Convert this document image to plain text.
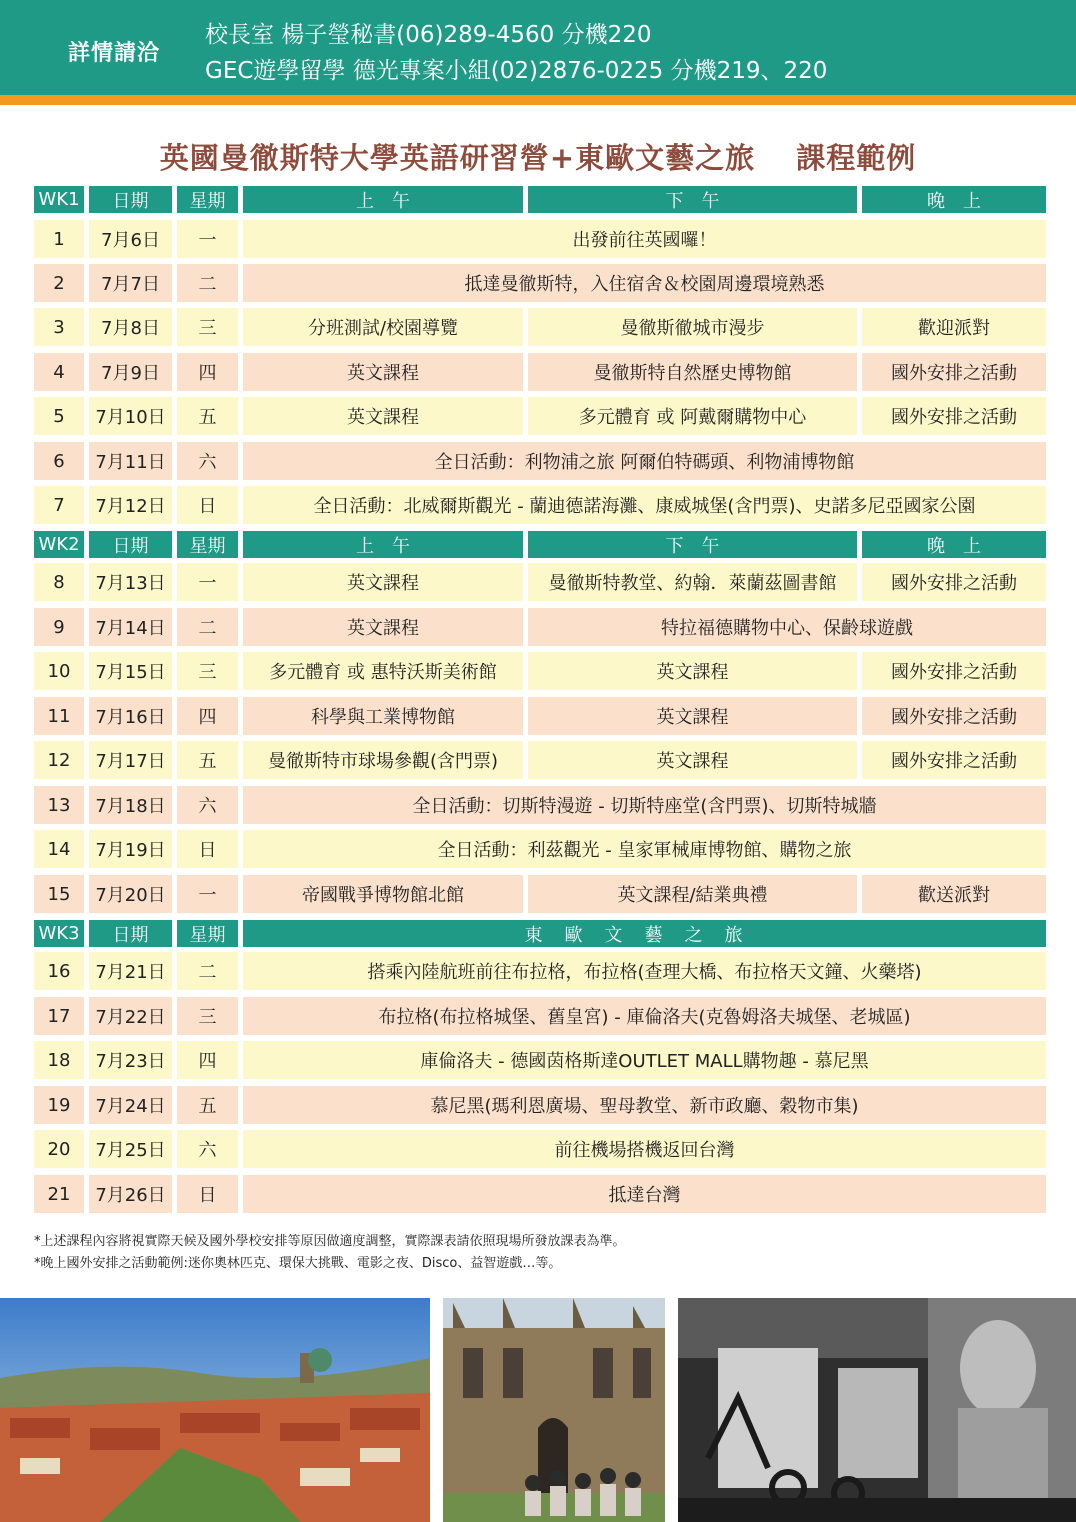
詳情請洽
校長室 楊子瑩秘書(06)289-4560 分機220
GEC遊學留學 德光專案小組(02)2876-0225 分機219、220
英國曼徹斯特大學英語研習營+東歐文藝之旅　 課程範例
WK1	日期	星期	上　午	下　午	晚　上
1	7月6日	一	出發前往英國囉！
2	7月7日	二	抵達曼徹斯特，入住宿舍＆校園周邊環境熟悉
3	7月8日	三	分班測試/校園導覽	曼徹斯徹城市漫步	歡迎派對
4	7月9日	四	英文課程	曼徹斯特自然歷史博物館	國外安排之活動
5	7月10日	五	英文課程	多元體育 或 阿戴爾購物中心	國外安排之活動
6	7月11日	六	全日活動：利物浦之旅 阿爾伯特碼頭、利物浦博物館
7	7月12日	日	全日活動：北威爾斯觀光 - 蘭迪德諾海灘、康威城堡(含門票)、史諾多尼亞國家公園
WK2	日期	星期	上　午	下　午	晚　上
8	7月13日	一	英文課程	曼徹斯特教堂、約翰．萊蘭茲圖書館	國外安排之活動
9	7月14日	二	英文課程	特拉福德購物中心、保齡球遊戲
10	7月15日	三	多元體育 或 惠特沃斯美術館	英文課程	國外安排之活動
11	7月16日	四	科學與工業博物館	英文課程	國外安排之活動
12	7月17日	五	曼徹斯特市球場參觀(含門票)	英文課程	國外安排之活動
13	7月18日	六	全日活動：切斯特漫遊 - 切斯特座堂(含門票)、切斯特城牆
14	7月19日	日	全日活動：利茲觀光 - 皇家軍械庫博物館、購物之旅
15	7月20日	一	帝國戰爭博物館北館	英文課程/結業典禮	歡送派對
WK3	日期	星期	東歐文藝之旅
16	7月21日	二	搭乘內陸航班前往布拉格，布拉格(查理大橋、布拉格天文鐘、火藥塔)
17	7月22日	三	布拉格(布拉格城堡、舊皇宮) - 庫倫洛夫(克魯姆洛夫城堡、老城區)
18	7月23日	四	庫倫洛夫 - 德國茵格斯達OUTLET MALL購物趣 - 慕尼黑
19	7月24日	五	慕尼黑(瑪利恩廣場、聖母教堂、新市政廳、穀物市集)
20	7月25日	六	前往機場搭機返回台灣
21	7月26日	日	抵達台灣
*上述課程內容將視實際天候及國外學校安排等原因做適度調整，實際課表請依照現場所發放課表為準。
*晚上國外安排之活動範例:迷你奧林匹克、環保大挑戰、電影之夜、Disco、益智遊戲…等。
